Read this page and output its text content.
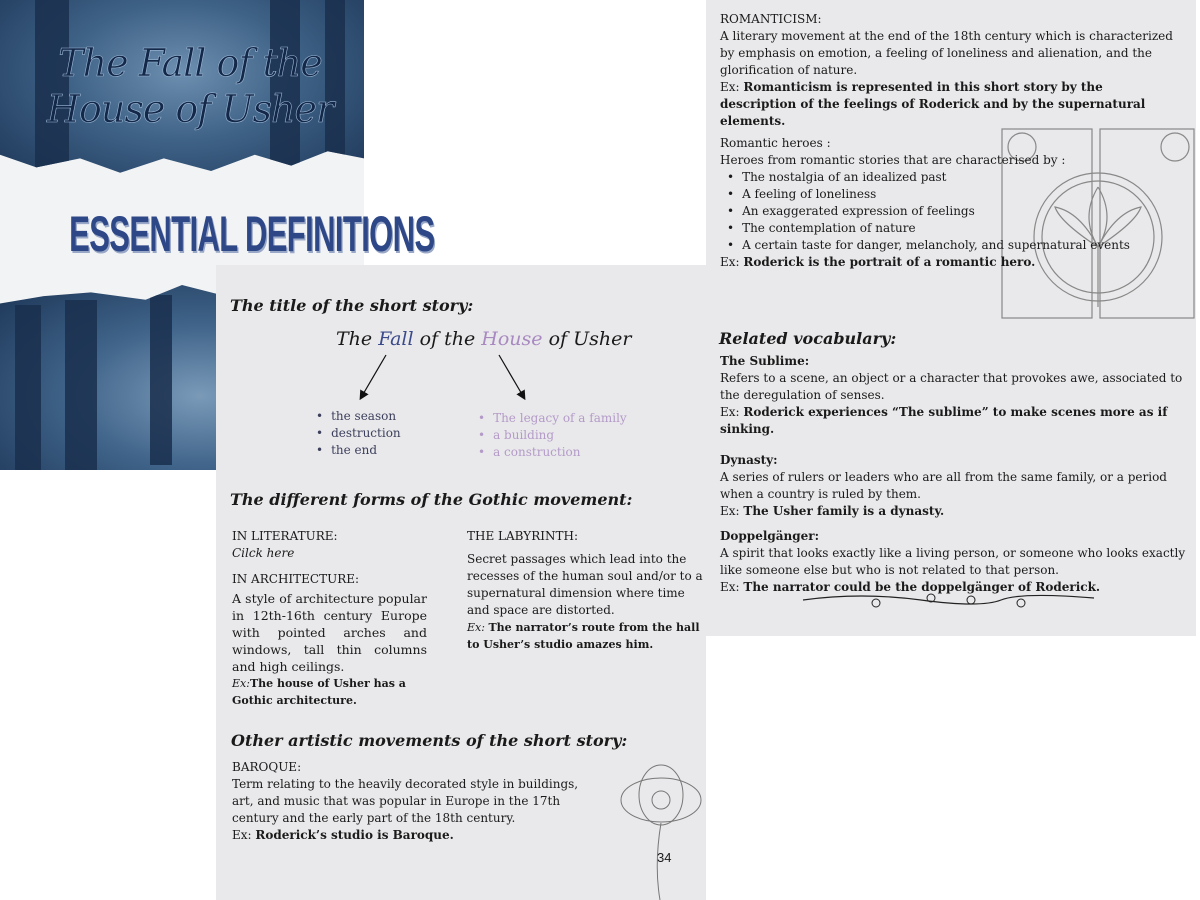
The Fall of the House of Usher
ESSENTIAL DEFINITIONS
The title of the short story:
The Fall of the House of Usher
• the season
• destruction
• the end
• The legacy of a family
• a building
• a construction
The different forms of the Gothic movement:
IN LITERATURE:
Cilck here
IN ARCHITECTURE:
A style of architecture popular in 12th-16th century Europe with pointed arches and windows, tall thin columns and high ceilings.
Ex:The house of Usher has a Gothic architecture.
THE LABYRINTH:
Secret passages which lead into the recesses of the human soul and/or to a supernatural dimension where time and space are distorted.
Ex: The narrator’s route from the hall to Usher’s studio amazes him.
Other artistic movements of the short story:
BAROQUE:
Term relating to the heavily decorated style in buildings, art, and music that was popular in Europe in the 17th century and the early part of the 18th century.
Ex: Roderick’s studio is Baroque.
34
ROMANTICISM:
A literary movement at the end of the 18th century which is characterized by emphasis on emotion, a feeling of loneliness and alienation, and the glorification of nature.
Ex: Romanticism is represented in this short story by the description of the feelings of Roderick and by the supernatural elements.
Romantic heroes :
Heroes from romantic stories that are characterised by :
• The nostalgia of an idealized past
• A feeling of loneliness
• An exaggerated expression of feelings
• The contemplation of nature
• A certain taste for danger, melancholy, and supernatural events
Ex: Roderick is the portrait of a romantic hero.
Related vocabulary:
The Sublime:
Refers to a scene, an object or a character that provokes awe, associated to the deregulation of senses.
Ex: Roderick experiences “The sublime” to make scenes more as if sinking.
Dynasty:
A series of rulers or leaders who are all from the same family, or a period when a country is ruled by them.
Ex: The Usher family is a dynasty.
Doppelgänger:
A spirit that looks exactly like a living person, or someone who looks exactly like someone else but who is not related to that person.
Ex: The narrator could be the doppelgänger of Roderick.
